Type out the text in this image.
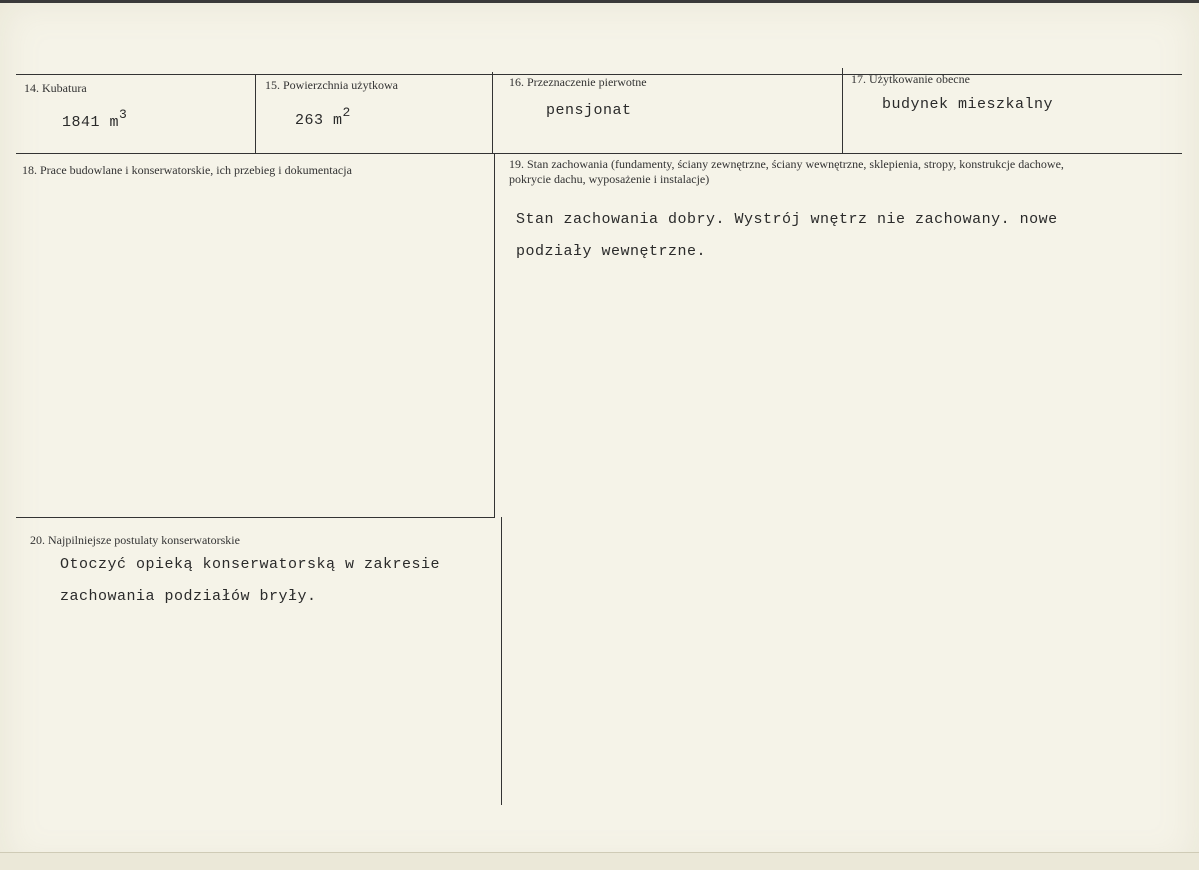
14. Kubatura
1841 $m^3$
15. Powierzchnia użytkowa
263 $m^2$
16. Przeznaczenie pierwotne
pensjonat
17. Użytkowanie obecne
budynek mieszkalny
18. Prace budowlane i konserwatorskie, ich przebieg i dokumentacja	19. Stan zachowania (fundamenty, ściany zewnętrzne, ściany wewnętrzne, sklepienia, stropy, konstrukcje dachowe, pokrycie dachu, wyposażenie i instalacje)
Stan zachowania dobry. Wystrój wnętrz nie zachowany. nowe podziały wewnętrzne.
20. Najpilniejsze postulaty konserwatorskie
Otoczyć opieką konserwatorską w zakresie zachowania podziałów bryły.
